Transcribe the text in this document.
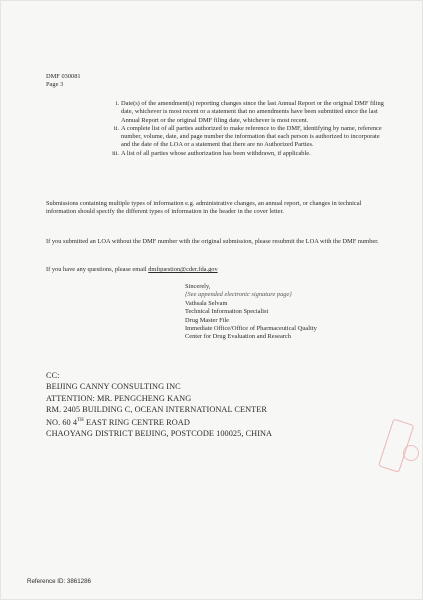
DMF 030081
Page 3
i. Date(s) of the amendment(s) reporting changes since the last Annual Report or the original DMF filing date, whichever is most recent or a statement that no amendments have been submitted since the last Annual Report or the original DMF filing date, whichever is most recent.
ii. A complete list of all parties authorized to make reference to the DMF, identifying by name, reference number, volume, date, and page number the information that each person is authorized to incorporate and the date of the LOA or a statement that there are no Authorized Parties.
iii. A list of all parties whose authorization has been withdrawn, if applicable.
Submissions containing multiple types of information e.g. administrative changes, an annual report, or changes in technical information should specify the different types of information in the header in the cover letter.
If you submitted an LOA without the DMF number with the original submission, please resubmit the LOA with the DMF number.
If you have any questions, please email dmfquestion@cder.fda.gov
Sincerely,
{See appended electronic signature page}
Vathsala Selvam
Technical Information Specialist
Drug Master File
Immediate Office/Office of Pharmaceutical Quality
Center for Drug Evaluation and Research
CC:
BEIJING CANNY CONSULTING INC
ATTENTION: MR. PENGCHENG KANG
RM. 2405 BUILDING C, OCEAN INTERNATIONAL CENTER
NO. 60 4TH EAST RING CENTRE ROAD
CHAOYANG DISTRICT BEIJING, POSTCODE 100025, CHINA
Reference ID: 3861286
